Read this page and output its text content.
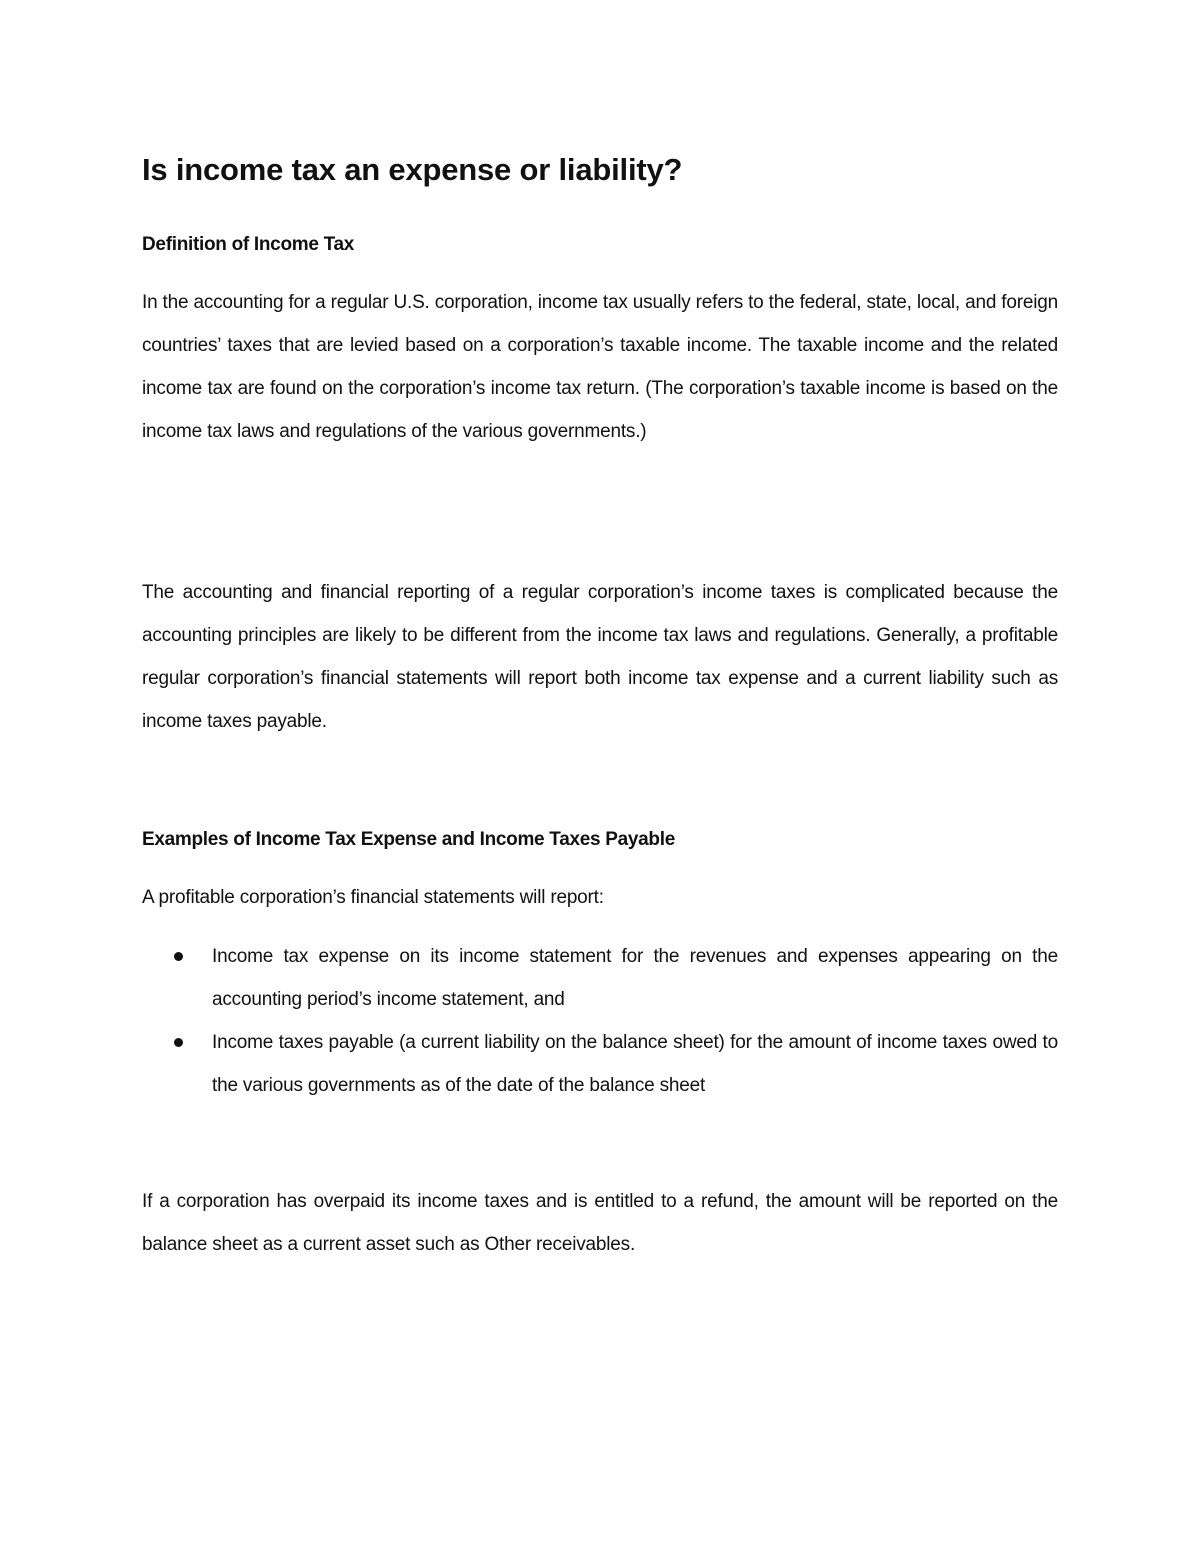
Is income tax an expense or liability?
Definition of Income Tax

In the accounting for a regular U.S. corporation, income tax usually refers to the federal, state, local, and foreign countries’ taxes that are levied based on a corporation’s taxable income. The taxable income and the related income tax are found on the corporation’s income tax return. (The corporation’s taxable income is based on the income tax laws and regulations of the various governments.)

The accounting and financial reporting of a regular corporation’s income taxes is complicated because the accounting principles are likely to be different from the income tax laws and regulations. Generally, a profitable regular corporation’s financial statements will report both income tax expense and a current liability such as income taxes payable.

Examples of Income Tax Expense and Income Taxes Payable

A profitable corporation’s financial statements will report:

Income tax expense on its income statement for the revenues and expenses appearing on the accounting period’s income statement, and
Income taxes payable (a current liability on the balance sheet) for the amount of income taxes owed to the various governments as of the date of the balance sheet

If a corporation has overpaid its income taxes and is entitled to a refund, the amount will be reported on the balance sheet as a current asset such as Other receivables.
